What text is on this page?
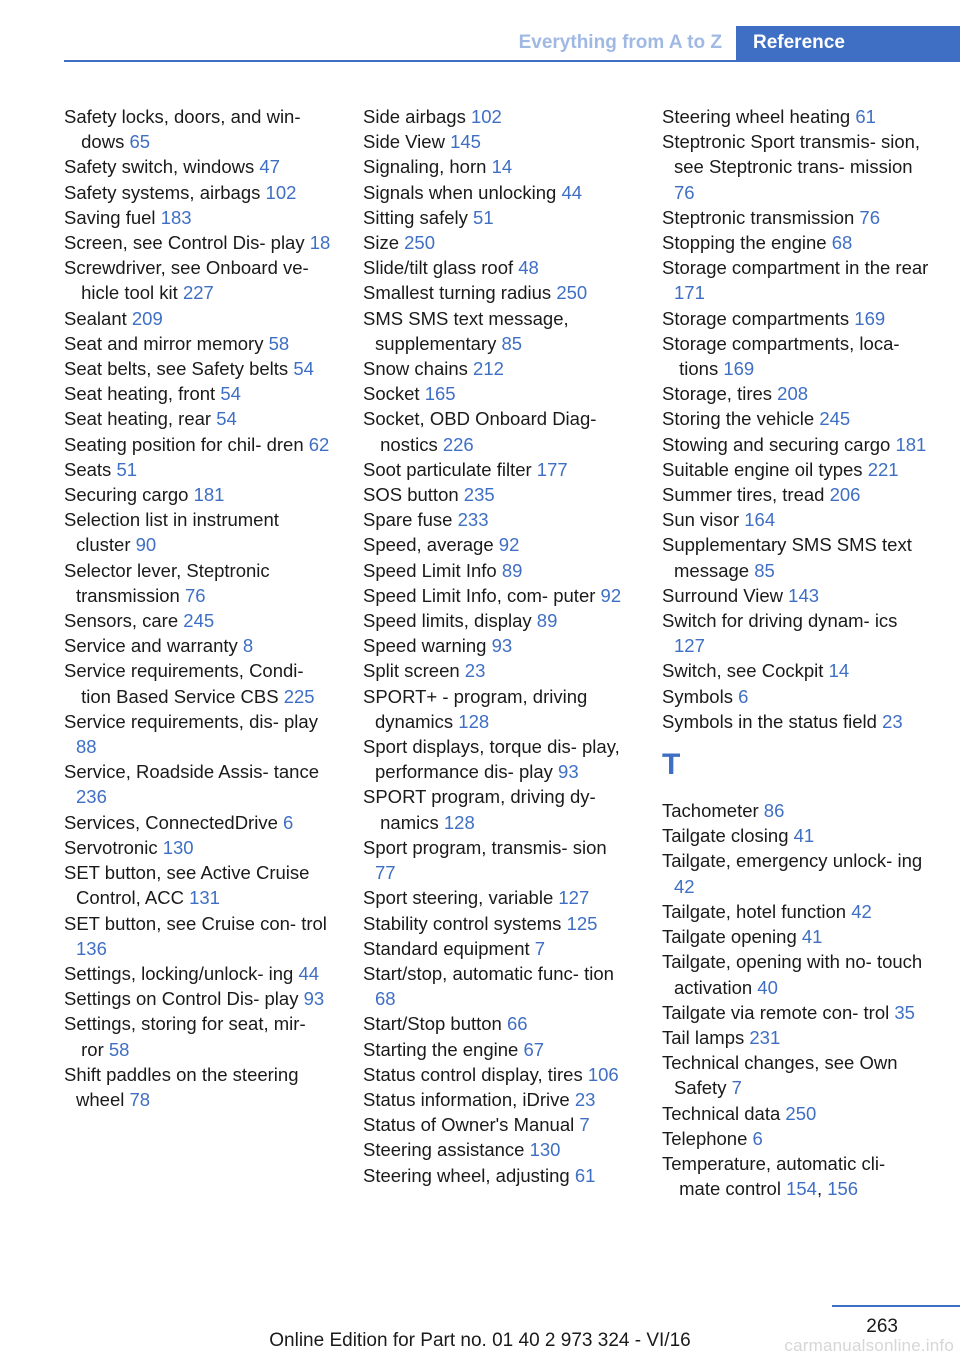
Everything from A to Z	Reference
Safety locks, doors, and win- dows 65
Safety switch, windows 47
Safety systems, airbags 102
Saving fuel 183
Screen, see Control Dis- play 18
Screwdriver, see Onboard ve- hicle tool kit 227
Sealant 209
Seat and mirror memory 58
Seat belts, see Safety belts 54
Seat heating, front 54
Seat heating, rear 54
Seating position for chil- dren 62
Seats 51
Securing cargo 181
Selection list in instrument cluster 90
Selector lever, Steptronic transmission 76
Sensors, care 245
Service and warranty 8
Service requirements, Condi- tion Based Service CBS 225
Service requirements, dis- play 88
Service, Roadside Assis- tance 236
Services, ConnectedDrive 6
Servotronic 130
SET button, see Active Cruise Control, ACC 131
SET button, see Cruise con- trol 136
Settings, locking/unlock- ing 44
Settings on Control Dis- play 93
Settings, storing for seat, mir- ror 58
Shift paddles on the steering wheel 78
Side airbags 102
Side View 145
Signaling, horn 14
Signals when unlocking 44
Sitting safely 51
Size 250
Slide/tilt glass roof 48
Smallest turning radius 250
SMS SMS text message, supplementary 85
Snow chains 212
Socket 165
Socket, OBD Onboard Diag- nostics 226
Soot particulate filter 177
SOS button 235
Spare fuse 233
Speed, average 92
Speed Limit Info 89
Speed Limit Info, com- puter 92
Speed limits, display 89
Speed warning 93
Split screen 23
SPORT+ - program, driving dynamics 128
Sport displays, torque dis- play, performance dis- play 93
SPORT program, driving dy- namics 128
Sport program, transmis- sion 77
Sport steering, variable 127
Stability control systems 125
Standard equipment 7
Start/stop, automatic func- tion 68
Start/Stop button 66
Starting the engine 67
Status control display, tires 106
Status information, iDrive 23
Status of Owner's Manual 7
Steering assistance 130
Steering wheel, adjusting 61
Steering wheel heating 61
Steptronic Sport transmis- sion, see Steptronic trans- mission 76
Steptronic transmission 76
Stopping the engine 68
Storage compartment in the rear 171
Storage compartments 169
Storage compartments, loca- tions 169
Storage, tires 208
Storing the vehicle 245
Stowing and securing cargo 181
Suitable engine oil types 221
Summer tires, tread 206
Sun visor 164
Supplementary SMS SMS text message 85
Surround View 143
Switch for driving dynam- ics 127
Switch, see Cockpit 14
Symbols 6
Symbols in the status field 23
T
Tachometer 86
Tailgate closing 41
Tailgate, emergency unlock- ing 42
Tailgate, hotel function 42
Tailgate opening 41
Tailgate, opening with no- touch activation 40
Tailgate via remote con- trol 35
Tail lamps 231
Technical changes, see Own Safety 7
Technical data 250
Telephone 6
Temperature, automatic cli- mate control 154, 156
263
Online Edition for Part no. 01 40 2 973 324 - VI/16	carmanualsonline.info
